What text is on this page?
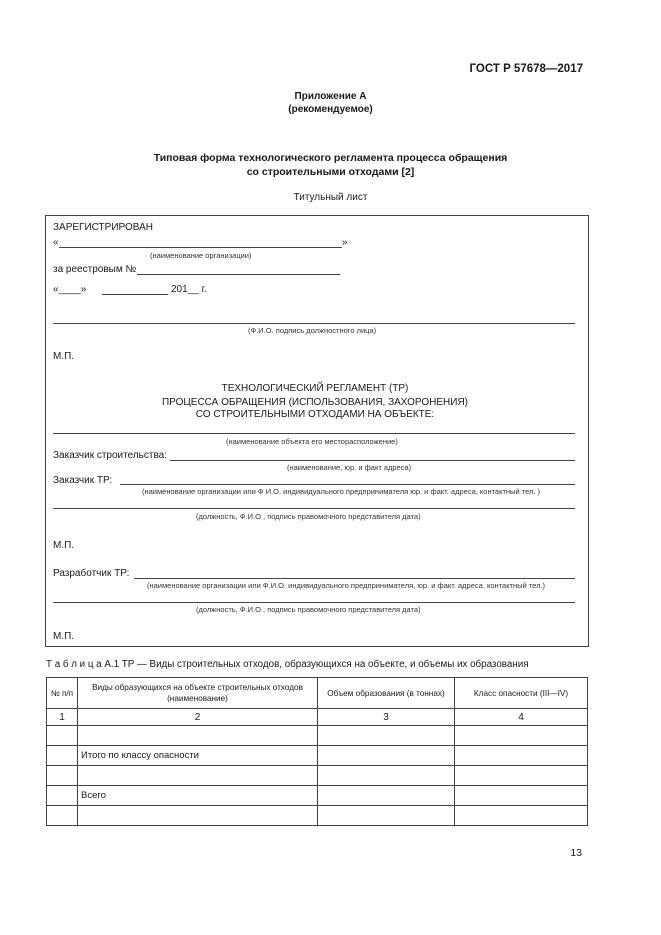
ГОСТ Р 57678—2017
Приложение А
(рекомендуемое)
Типовая форма технологического регламента процесса обращения
со строительными отходами [2]
Титульный лист
ЗАРЕГИСТРИРОВАН
«	»
(наименование организации)
за реестровым №
«____»	201__ г.
(Ф.И.О. подпись должностного лица)
М.П.
ТЕХНОЛОГИЧЕСКИЙ РЕГЛАМЕНТ (ТР)
ПРОЦЕССА ОБРАЩЕНИЯ (ИСПОЛЬЗОВАНИЯ, ЗАХОРОНЕНИЯ)
СО СТРОИТЕЛЬНЫМИ ОТХОДАМИ НА ОБЪЕКТЕ:
(наименование объекта его месторасположение)
Заказчик строительства:
(наименование, юр. и факт адреса)
Заказчик ТР:
(наименование организации или Ф И.О. индивидуального предпринимателя юр. и факт. адреса, контактный тел. )
(должность, Ф.И.О , подпись правомочного представителя дата)
М.П.
Разработчик ТР:
(наименование организации или Ф.И.О. индивидуального предпринимателя, юр. и факт. адреса, контактный тел.)
(должность, Ф.И.О , подпись правомочного представителя дата)
М.П.
Т а б л и ц а А.1 ТР — Виды строительных отходов, образующихся на объекте, и объемы их образования
№ п/п	Виды образующихся на объекте строительных отходов (наименование)	Объем образования (в тоннах)	Класс опасности (III—IV)
1	2	3	4

	Итого по классу опасности		

	Всего		

13
